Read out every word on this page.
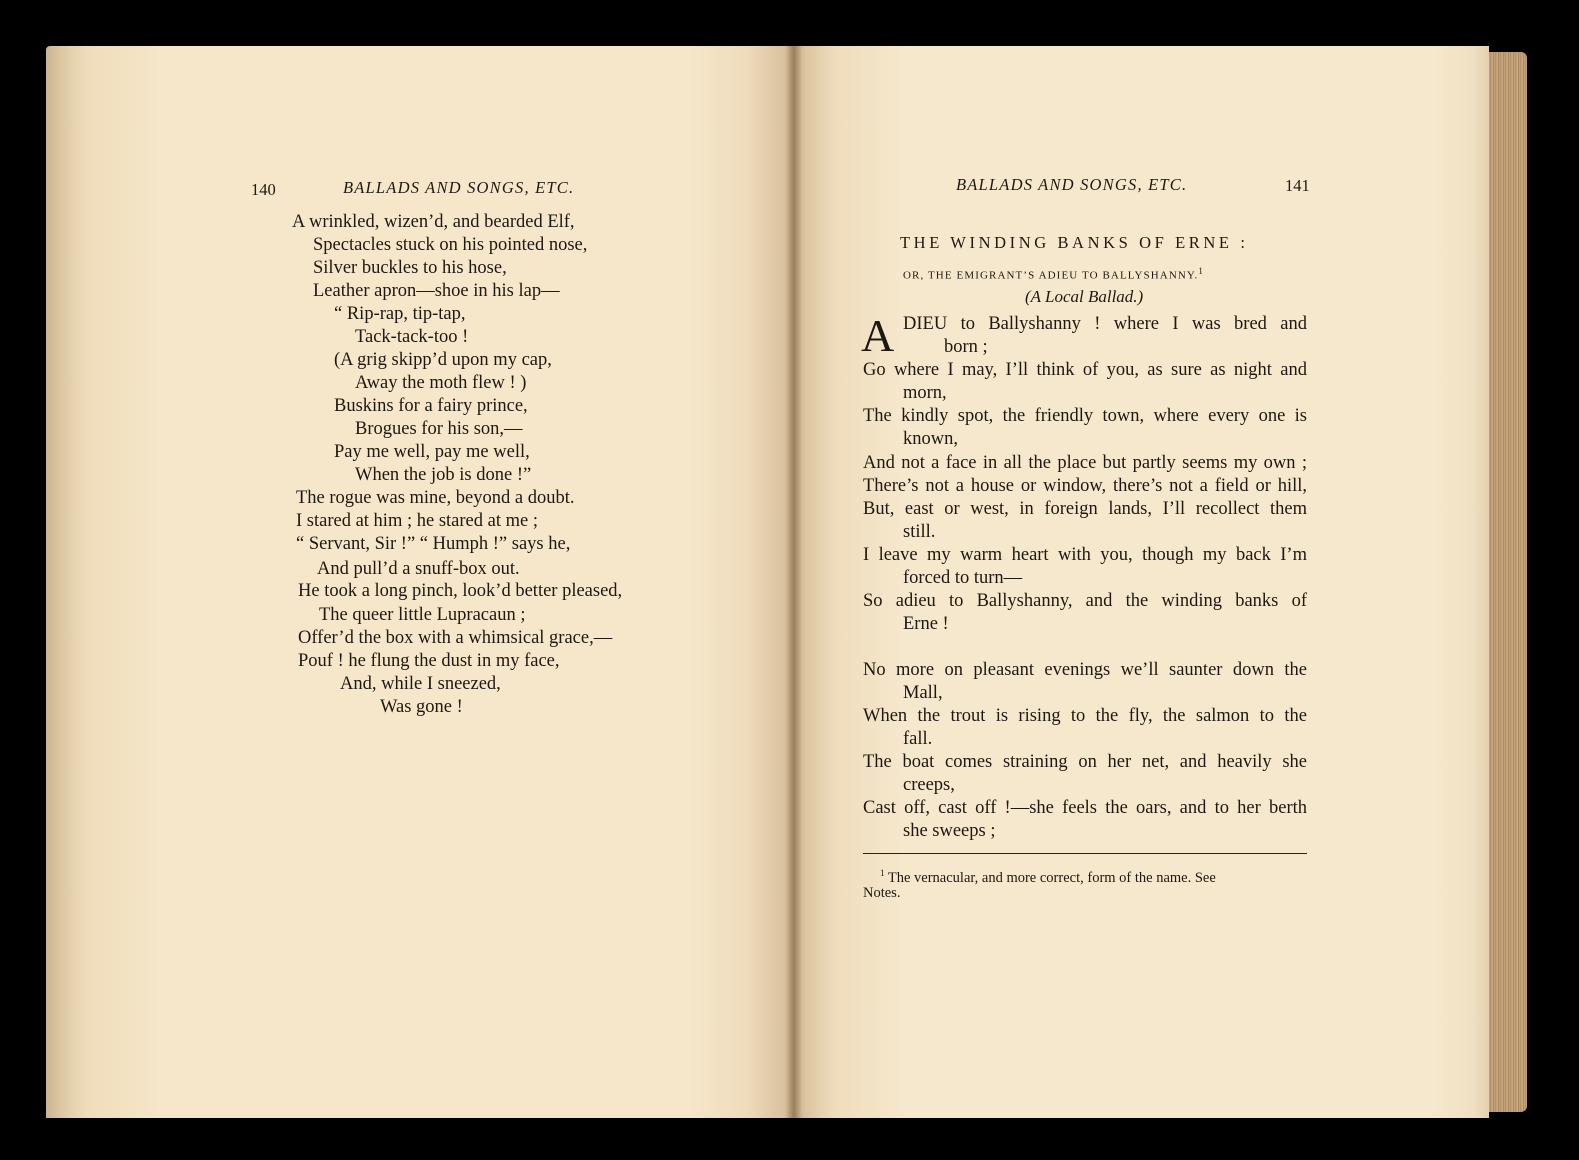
140	BALLADS AND SONGS, ETC.
A wrinkled, wizen’d, and bearded Elf,
Spectacles stuck on his pointed nose,
Silver buckles to his hose,
Leather apron—shoe in his lap—
“ Rip-rap, tip-tap,
Tack-tack-too !
(A grig skipp’d upon my cap,
Away the moth flew ! )
Buskins for a fairy prince,
Brogues for his son,—
Pay me well, pay me well,
When the job is done !”
The rogue was mine, beyond a doubt.
I stared at him ; he stared at me ;
“ Servant, Sir !” “ Humph !” says he,
And pull’d a snuff-box out.
He took a long pinch, look’d better pleased,
The queer little Lupracaun ;
Offer’d the box with a whimsical grace,—
Pouf ! he flung the dust in my face,
And, while I sneezed,
Was gone !
BALLADS AND SONGS, ETC.	141
THE WINDING BANKS OF ERNE :
OR, THE EMIGRANT’S ADIEU TO BALLYSHANNY.$^1$
(A Local Ballad.)
A DIEU to Ballyshanny ! where I was bred and
born ;
Go where I may, I’ll think of you, as sure as night and
morn,
The kindly spot, the friendly town, where every one is
known,
And not a face in all the place but partly seems my own ;
There’s not a house or window, there’s not a field or hill,
But, east or west, in foreign lands, I’ll recollect them
still.
I leave my warm heart with you, though my back I’m
forced to turn—
So adieu to Ballyshanny, and the winding banks of
Erne !
No more on pleasant evenings we’ll saunter down the
Mall,
When the trout is rising to the fly, the salmon to the
fall.
The boat comes straining on her net, and heavily she
creeps,
Cast off, cast off !—she feels the oars, and to her berth
she sweeps ;
$^1$ The vernacular, and more correct, form of the name. See
Notes.
